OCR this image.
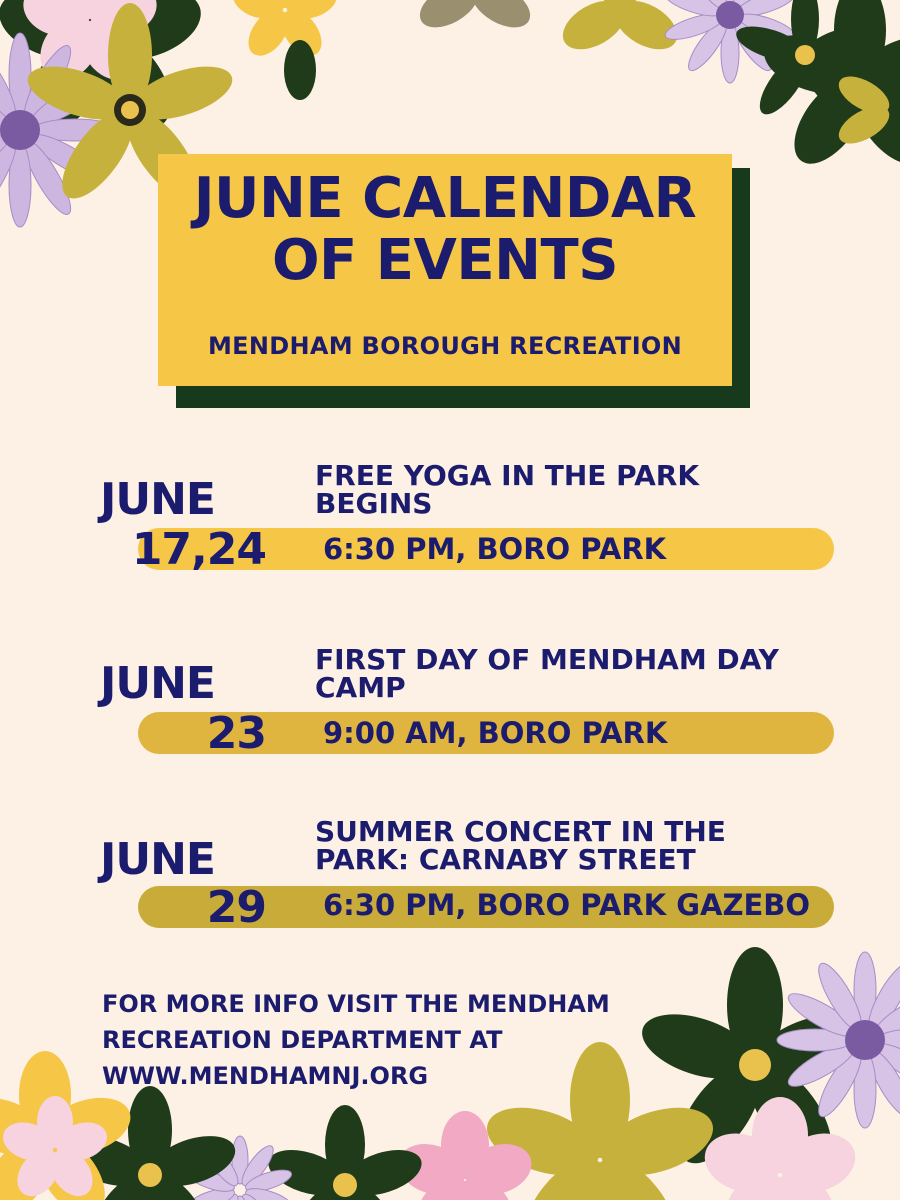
JUNE CALENDAR
OF EVENTS
MENDHAM BOROUGH RECREATION
FREE YOGA IN THE PARK BEGINS
JUNE
17,24 6:30 PM, BORO PARK
FIRST DAY OF MENDHAM DAY CAMP
JUNE
23 9:00 AM, BORO PARK
SUMMER CONCERT IN THE PARK: CARNABY STREET
JUNE
29 6:30 PM, BORO PARK GAZEBO
FOR MORE INFO VISIT THE MENDHAM
RECREATION DEPARTMENT AT
WWW.MENDHAMNJ.ORG
